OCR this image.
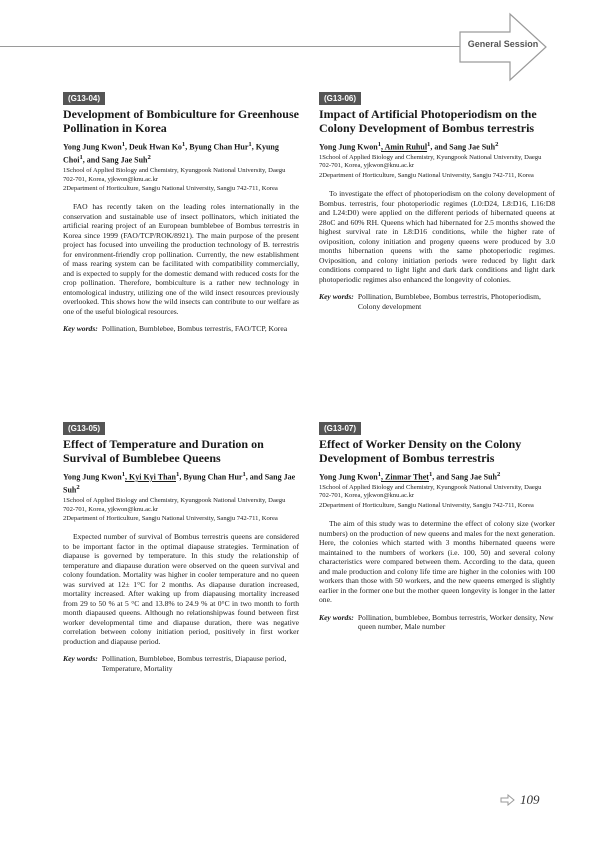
General Session
(G13-04)
Development of Bombiculture for Greenhouse Pollination in Korea
Yong Jung Kwon$^1$, Deuk Hwan Ko$^1$, Byung Chan Hur$^1$, Kyung Choi$^1$, and Sang Jae Suh$^2$
1School of Applied Biology and Chemistry, Kyungpook National University, Daegu 702-701, Korea, yjkwon@knu.ac.kr
2Department of Horticulture, Sangju National University, Sangju 742-711, Korea
FAO has recently taken on the leading roles internationally in the conservation and sustainable use of insect pollinators, which initiated the artificial rearing project of an European bumblebee of Bombus terrestris in Korea since 1999 (FAO/TCP/ROK/8921). The main purpose of the present project has focused into unveiling the production technology of B. terrestris for environment-friendly crop pollination. Currently, the new establishment of mass rearing system can be facilitated with compatibility commercially, and is expected to supply for the domestic demand with reduced costs for the crop pollination. Therefore, bombiculture is a rather new technology in entomological industry, utilizing one of the wild insect resources previously overlooked. This shows how the wild insects can contribute to our welfare as one of the useful biological resources.
Key words: Pollination, Bumblebee, Bombus terrestris, FAO/TCP, Korea
(G13-06)
Impact of Artificial Photoperiodism on the Colony Development of Bombus terrestris
Yong Jung Kwon$^1$, Amin Ruhul$^1$, and Sang Jae Suh$^2$
1School of Applied Biology and Chemistry, Kyungpook National University, Daegu 702-701, Korea, yjkwon@knu.ac.kr
2Department of Horticulture, Sangju National University, Sangju 742-711, Korea
To investigate the effect of photoperiodism on the colony development of Bombus. terrestris, four photoperiodic regimes (L0:D24, L8:D16, L16:D8 and L24:D0) were applied on the different periods of hibernated queens at 28oC and 60% RH. Queens which had hibernated for 2.5 months showed the highest survival rate in L8:D16 conditions, while the higher rate of oviposition, colony initiation and progeny queens were produced by 3.0 months hibernation queens with the same photoperiodic regimes. Oviposition, and colony initiation periods were reduced by light dark conditions compared to light light and dark dark conditions and light dark photoperiodic regimes also enhanced the longevity of colonies.
Key words: Pollination, Bumblebee, Bombus terrestris, Photoperiodism, Colony development
(G13-05)
Effect of Temperature and Duration on Survival of Bumblebee Queens
Yong Jung Kwon$^1$, Kyi Kyi Than$^1$, Byung Chan Hur$^1$, and Sang Jae Suh$^2$
1School of Applied Biology and Chemistry, Kyungpook National University, Daegu 702-701, Korea, yjkwon@knu.ac.kr
2Department of Horticulture, Sangju National University, Sangju 742-711, Korea
Expected number of survival of Bombus terrestris queens are considered to be important factor in the optimal diapause strategies. Termination of diapause is governed by temperature. In this study the relationship of temperature and diapause duration were observed on the queen survival and colony foundation. Mortality was higher in cooler temperature and no queen was survived at 12± 1°C for 2 months. As diapause duration increased, mortality increased. After waking up from diapausing mortality increased from 29 to 50 % at 5 °C and 13.8% to 24.9 % at 0°C in two month to forth month diapaused queens. Although no relationshipwas found between first worker developmental time and diapause duration, there was negative correlation between colony initiation period, positively in first worker production and diapause period.
Key words: Pollination, Bumblebee, Bombus terrestris, Diapause period, Temperature, Mortality
(G13-07)
Effect of Worker Density on the Colony Development of Bombus terrestris
Yong Jung Kwon$^1$, Zinmar Thet$^1$, and Sang Jae Suh$^2$
1School of Applied Biology and Chemistry, Kyungpook National University, Daegu 702-701, Korea, yjkwon@knu.ac.kr
2Department of Horticulture, Sangju National University, Sangju 742-711, Korea
The aim of this study was to determine the effect of colony size (worker numbers) on the production of new queens and males for the next generation. Here, the colonies which started with 3 months hibernated queens were maintained to the numbers of workers (i.e. 100, 50) and several colony characteristics were compared between them. According to the data, queen and male production and colony life time are higher in the colonies with 100 workers than those with 50 workers, and the new queens emerged is slightly earlier in the former one but the mother queen longevity is longer in the latter one.
Key words: Pollination, bumblebee, Bombus terrestris, Worker density, New queen number, Male number
109
